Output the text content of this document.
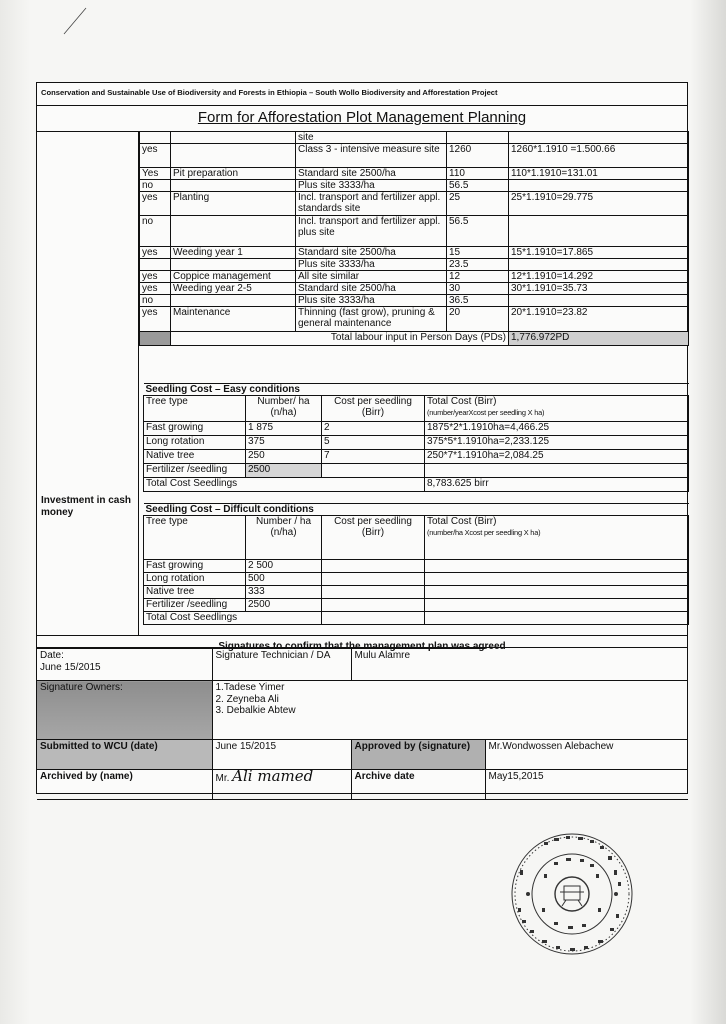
Conservation and Sustainable Use of Biodiversity and Forests in Ethiopia – South Wollo Biodiversity and Afforestation Project
Form for Afforestation Plot Management Planning
Investment in cash money
		site		
yes		Class 3 - intensive measure site	1260	1260*1.1910 =1.500.66
Yes	Pit preparation	Standard site 2500/ha	110	110*1.1910=131.01
no		Plus site 3333/ha	56.5	
yes	Planting	Incl. transport and fertilizer appl. standards site	25	25*1.1910=29.775
no		Incl. transport and fertilizer appl. plus site	56.5	
yes	Weeding year 1	Standard site 2500/ha	15	15*1.1910=17.865
		Plus site 3333/ha	23.5	
yes	Coppice management	All site similar	12	12*1.1910=14.292
yes	Weeding year 2-5	Standard site 2500/ha	30	30*1.1910=35.73
no		Plus site 3333/ha	36.5	
yes	Maintenance	Thinning (fast grow), pruning & general maintenance	20	20*1.1910=23.82
	Total labour input in Person Days (PDs)			1,776.972PD
Seedling Cost – Easy conditions			
Tree type	Number/ ha (n/ha)	Cost per seedling (Birr)	Total Cost (Birr)
(number/yearXcost per seedling X ha)

Fast growing	1 875	2	1875*2*1.1910ha=4,466.25
Long rotation	375	5	375*5*1.1910ha=2,233.125
Native tree	250	7	250*7*1.1910ha=2,084.25
Fertilizer /seedling	2500		
Total Cost Seedlings			8,783.625 birr
Seedling Cost – Difficult conditions			
Tree type	Number / ha (n/ha)	Cost per seedling (Birr)	Total Cost (Birr)
(number/ha Xcost per seedling X ha)

Fast growing	2 500		
Long rotation	500		
Native tree	333		
Fertilizer /seedling	2500		
Total Cost Seedlings			
Signatures to confirm that the management plan was agreed
Date:
June 15/2015	Signature Technician / DA	Mulu Alamre	
Signature Owners:	1.Tadese Yimer
2. Zeyneba Ali
3. Debalkie Abtew		

Submitted to WCU (date)	June 15/2015	Approved by (signature)	Mr.Wondwossen Alebachew
Archived by (name)	Mr. Ali mamed	Archive date	May15,2015
